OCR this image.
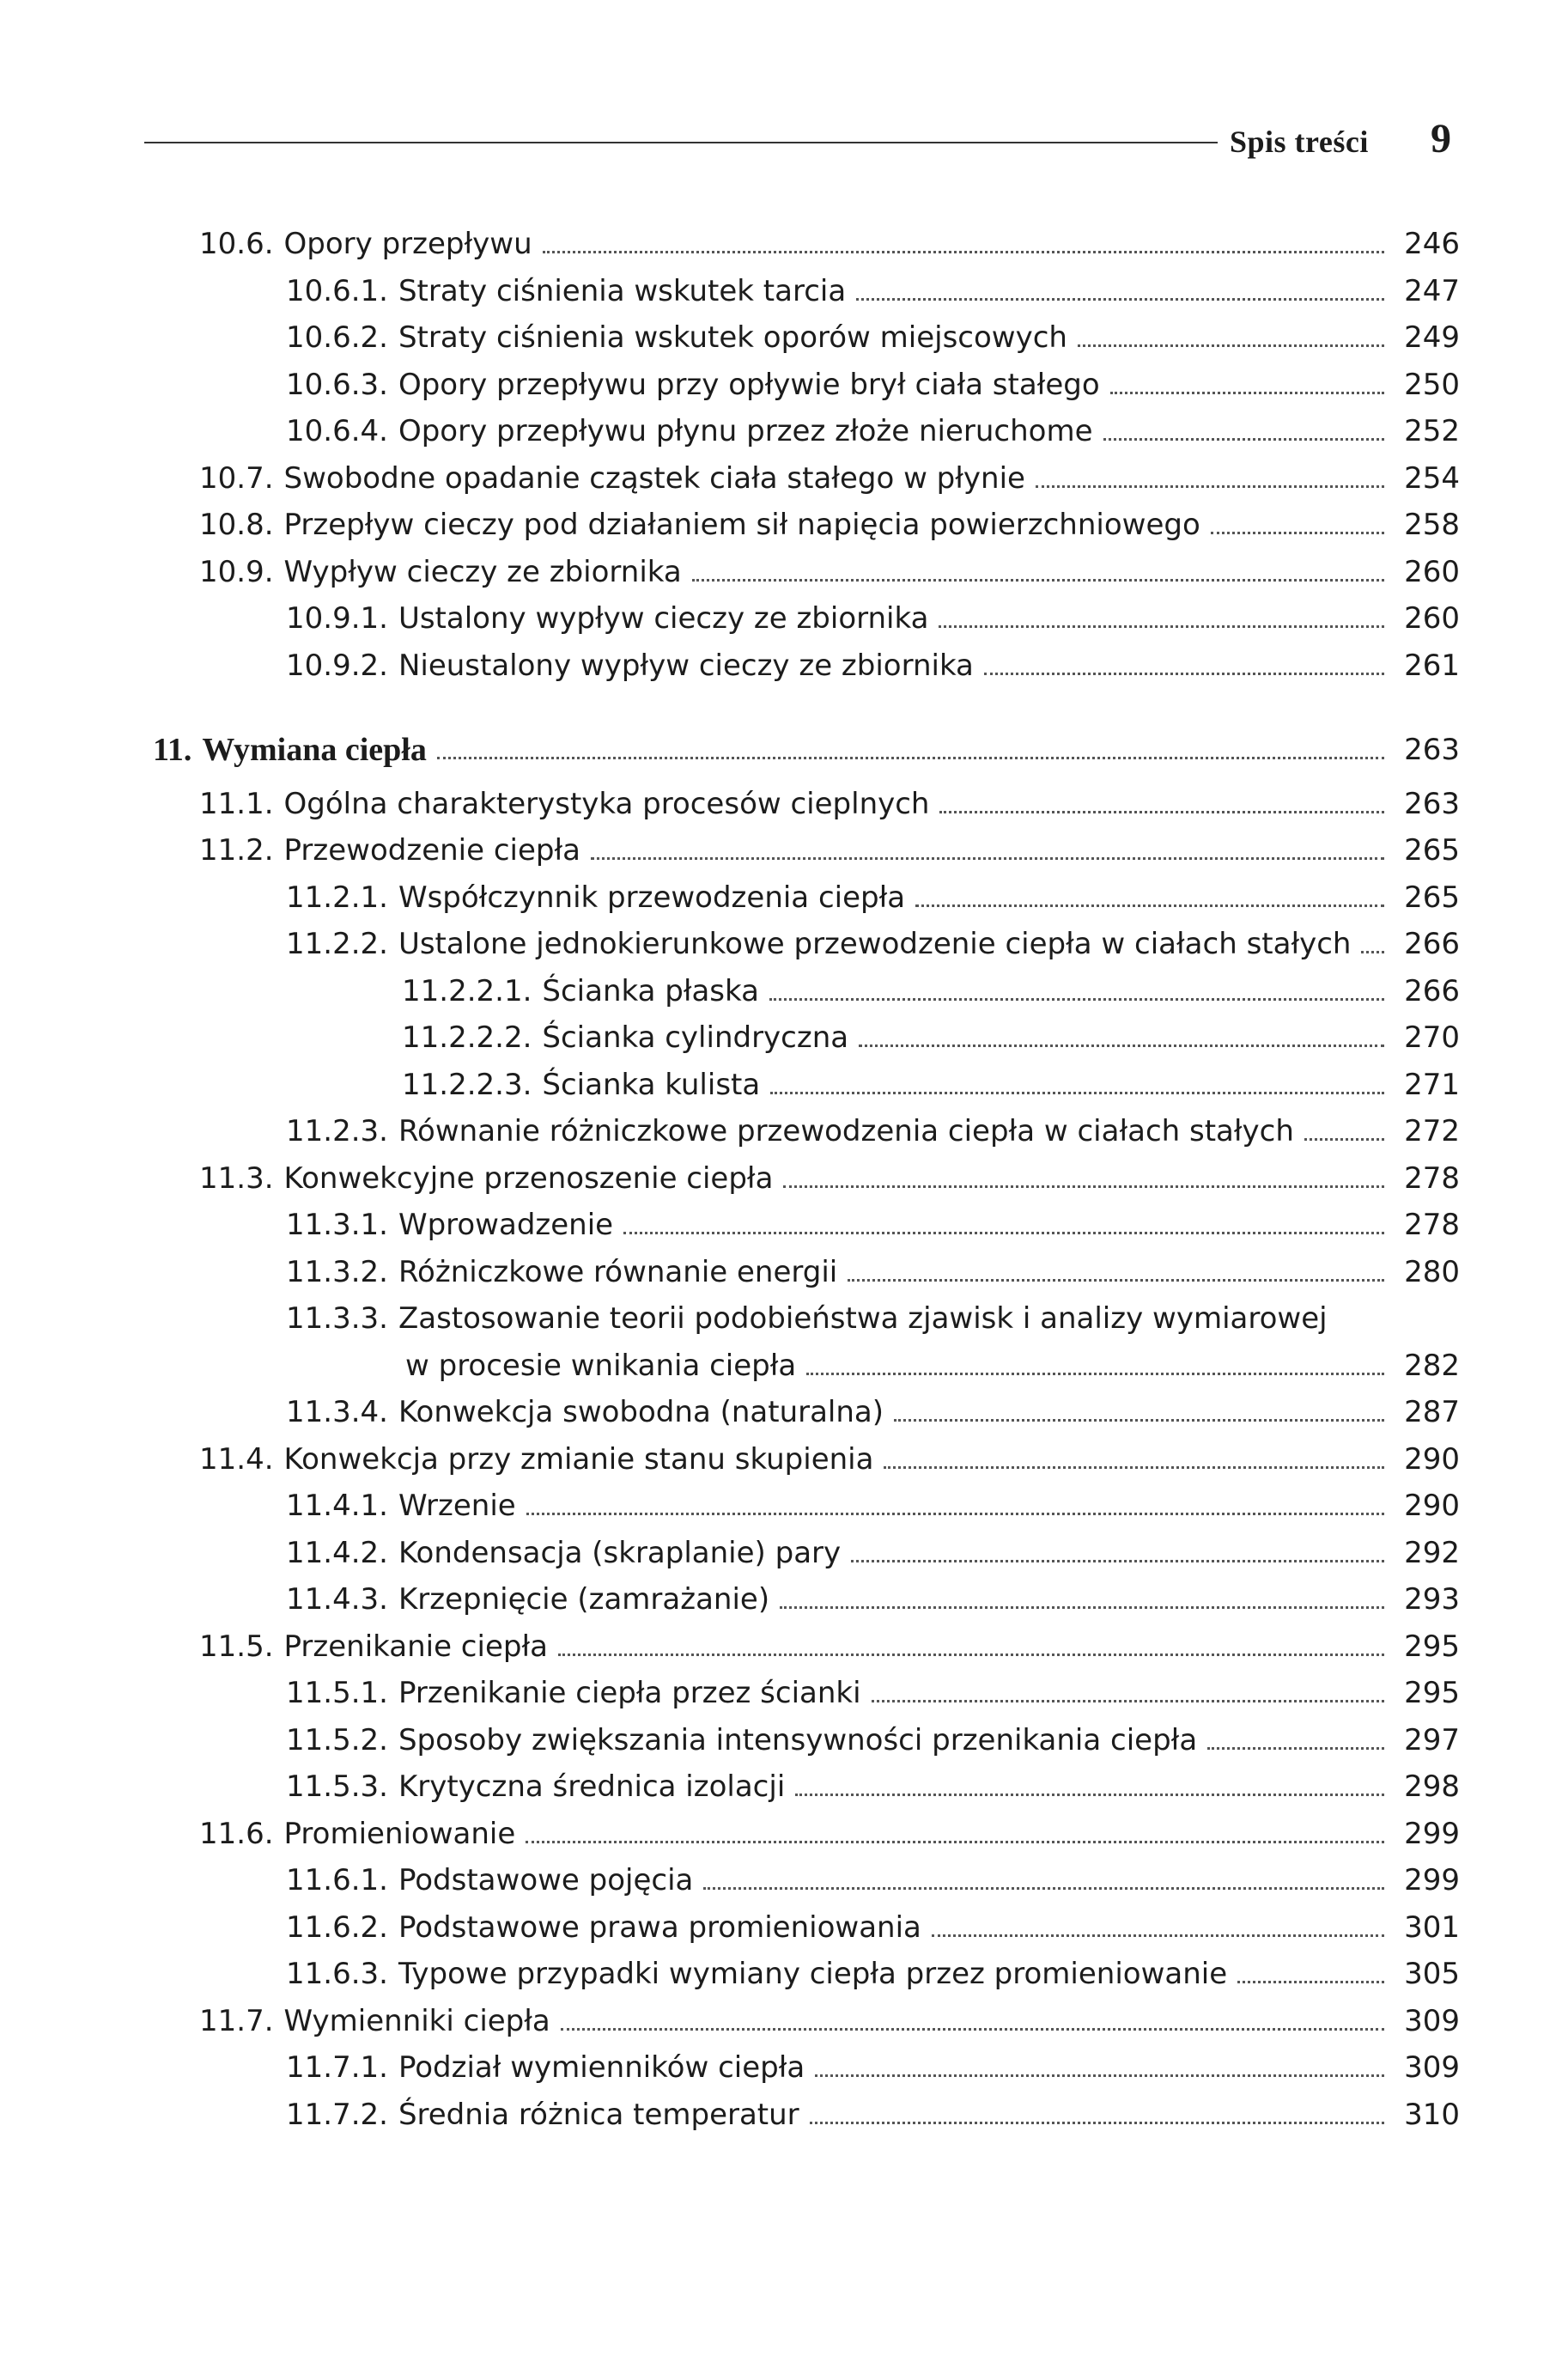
Spis treści 9
10.6. Opory przepływu	246
10.6.1. Straty ciśnienia wskutek tarcia	247
10.6.2. Straty ciśnienia wskutek oporów miejscowych	249
10.6.3. Opory przepływu przy opływie brył ciała stałego	250
10.6.4. Opory przepływu płynu przez złoże nieruchome	252
10.7. Swobodne opadanie cząstek ciała stałego w płynie	254
10.8. Przepływ cieczy pod działaniem sił napięcia powierzchniowego	258
10.9. Wypływ cieczy ze zbiornika	260
10.9.1. Ustalony wypływ cieczy ze zbiornika	260
10.9.2. Nieustalony wypływ cieczy ze zbiornika	261
11. Wymiana ciepła	263
11.1. Ogólna charakterystyka procesów cieplnych	263
11.2. Przewodzenie ciepła	265
11.2.1. Współczynnik przewodzenia ciepła	265
11.2.2. Ustalone jednokierunkowe przewodzenie ciepła w ciałach stałych 266
11.2.2.1. Ścianka płaska	266
11.2.2.2. Ścianka cylindryczna	270
11.2.2.3. Ścianka kulista	271
11.2.3. Równanie różniczkowe przewodzenia ciepła w ciałach stałych	272
11.3. Konwekcyjne przenoszenie ciepła	278
11.3.1. Wprowadzenie	278
11.3.2. Różniczkowe równanie energii	280
11.3.3. Zastosowanie teorii podobieństwa zjawisk i analizy wymiarowej
w procesie wnikania ciepła	282
11.3.4. Konwekcja swobodna (naturalna)	287
11.4. Konwekcja przy zmianie stanu skupienia	290
11.4.1. Wrzenie	290
11.4.2. Kondensacja (skraplanie) pary	292
11.4.3. Krzepnięcie (zamrażanie)	293
11.5. Przenikanie ciepła	295
11.5.1. Przenikanie ciepła przez ścianki	295
11.5.2. Sposoby zwiększania intensywności przenikania ciepła	297
11.5.3. Krytyczna średnica izolacji	298
11.6. Promieniowanie	299
11.6.1. Podstawowe pojęcia	299
11.6.2. Podstawowe prawa promieniowania	301
11.6.3. Typowe przypadki wymiany ciepła przez promieniowanie	305
11.7. Wymienniki ciepła	309
11.7.1. Podział wymienników ciepła	309
11.7.2. Średnia różnica temperatur	310
